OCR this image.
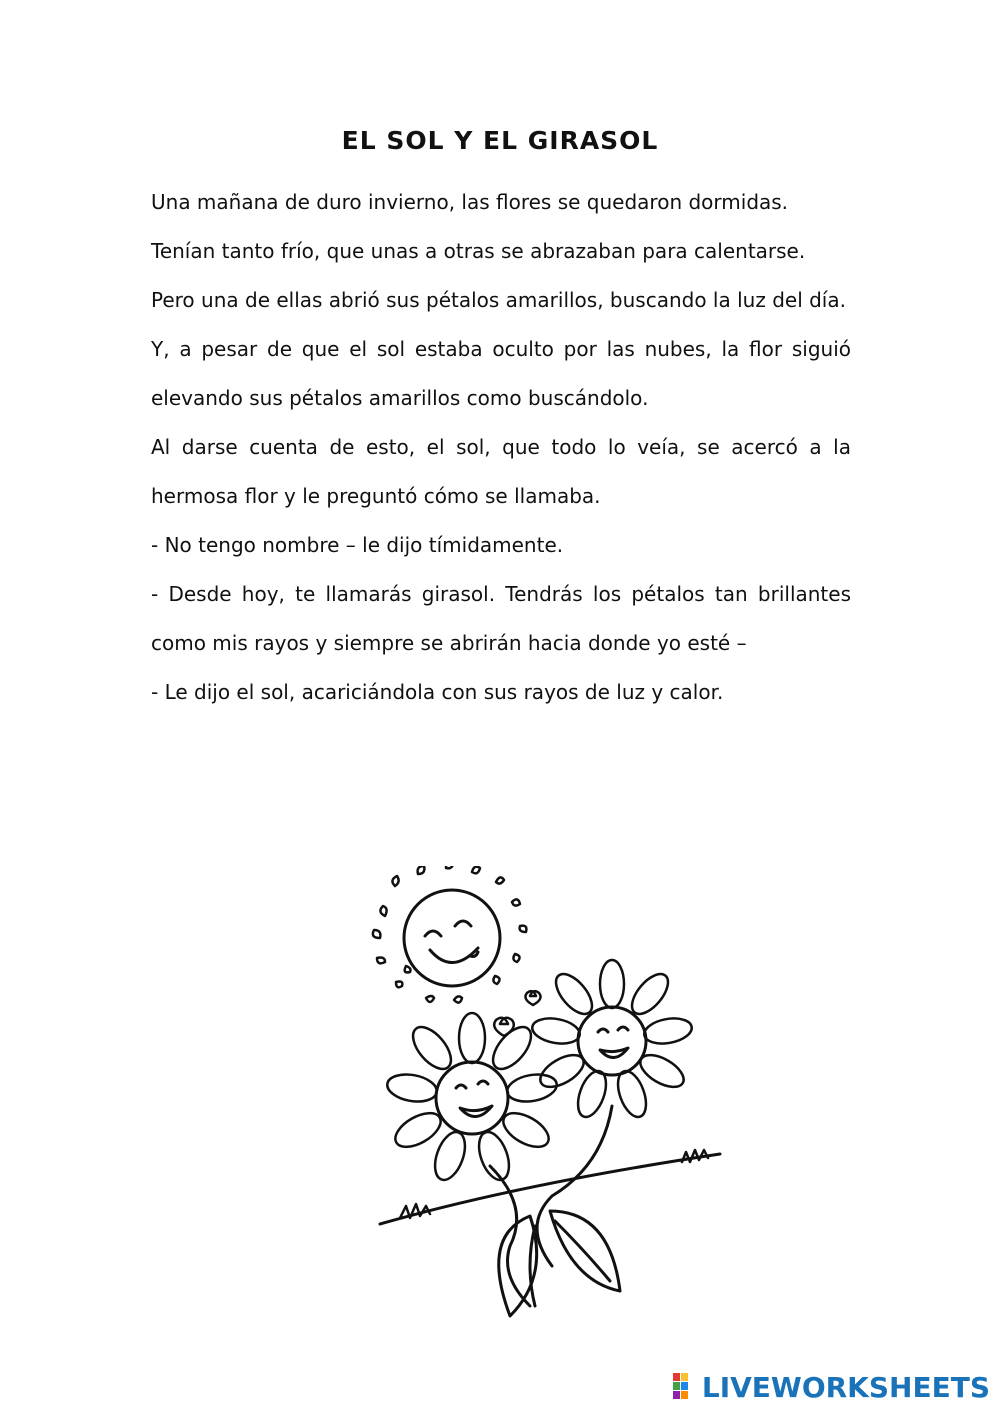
EL SOL Y EL GIRASOL

Una mañana de duro invierno, las flores se quedaron dormidas.

Tenían tanto frío, que unas a otras se abrazaban para calentarse.

Pero una de ellas abrió sus pétalos amarillos, buscando la luz del día.

Y, a pesar de que el sol estaba oculto por las nubes, la flor siguió elevando sus pétalos amarillos como buscándolo.

Al darse cuenta de esto, el sol, que todo lo veía, se acercó a la hermosa flor y le preguntó cómo se llamaba.

- No tengo nombre – le dijo tímidamente.

- Desde hoy, te llamarás girasol. Tendrás los pétalos tan brillantes como mis rayos y siempre se abrirán hacia donde yo esté –

- Le dijo el sol, acariciándola con sus rayos de luz y calor.

LIVEWORKSHEETS
